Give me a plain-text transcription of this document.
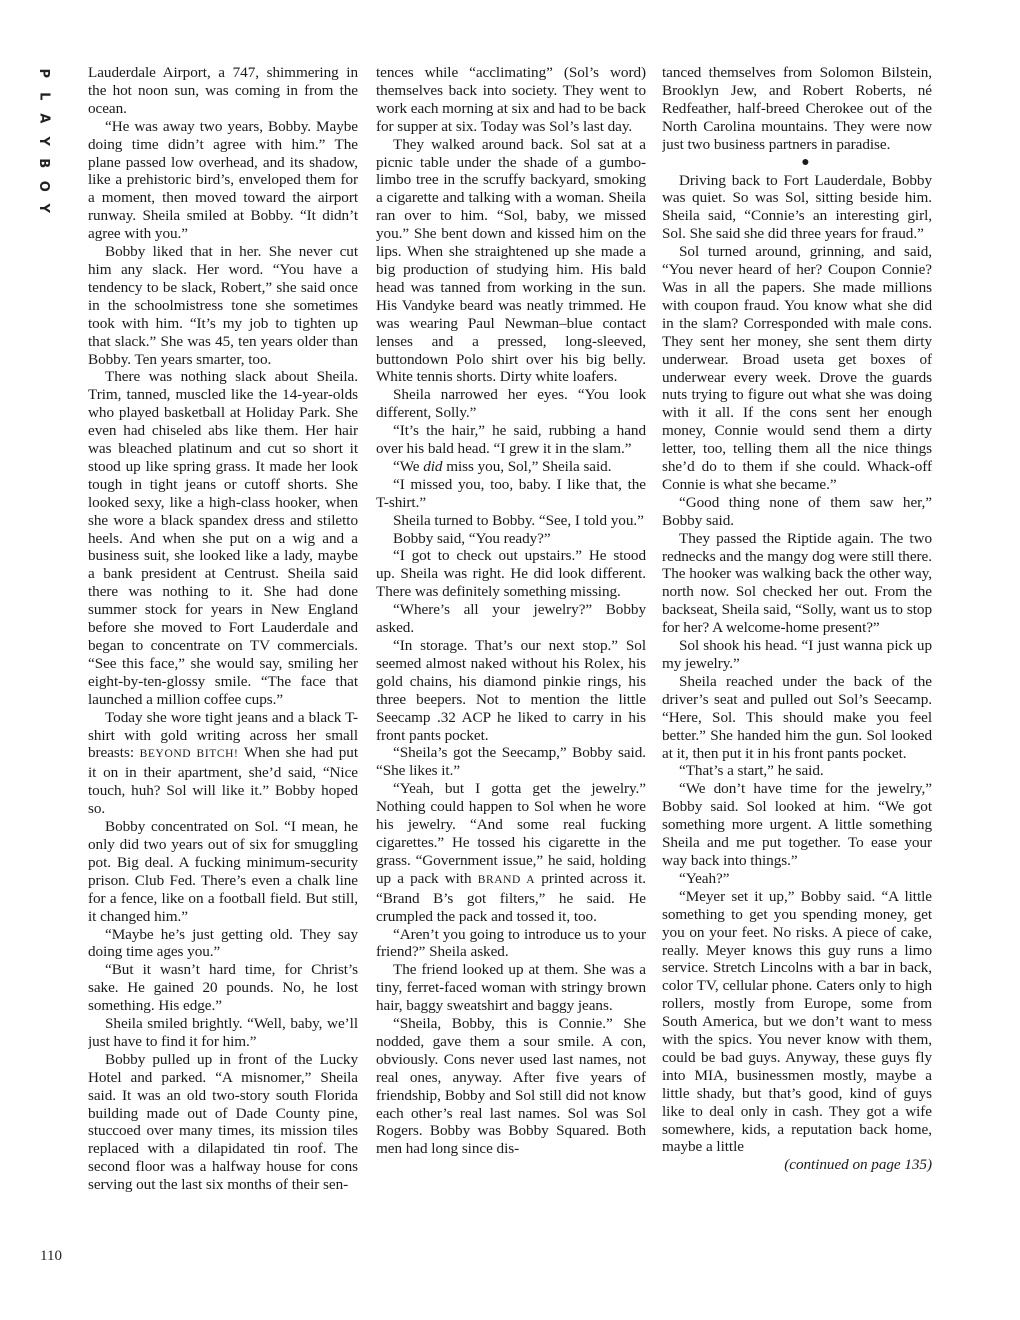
P
L
A
Y
B
O
Y

Lauderdale Airport, a 747, shimmering in the hot noon sun, was coming in from the ocean.

“He was away two years, Bobby. Maybe doing time didn’t agree with him.” The plane passed low overhead, and its shadow, like a prehistoric bird’s, enveloped them for a moment, then moved toward the airport runway. Sheila smiled at Bobby. “It didn’t agree with you.”

Bobby liked that in her. She never cut him any slack. Her word. “You have a tendency to be slack, Robert,” she said once in the schoolmistress tone she sometimes took with him. “It’s my job to tighten up that slack.” She was 45, ten years older than Bobby. Ten years smarter, too.

There was nothing slack about Sheila. Trim, tanned, muscled like the 14-year-olds who played basketball at Holiday Park. She even had chiseled abs like them. Her hair was bleached platinum and cut so short it stood up like spring grass. It made her look tough in tight jeans or cutoff shorts. She looked sexy, like a high-class hooker, when she wore a black spandex dress and stiletto heels. And when she put on a wig and a business suit, she looked like a lady, maybe a bank president at Centrust. Sheila said there was nothing to it. She had done summer stock for years in New England before she moved to Fort Lauderdale and began to concentrate on TV commercials. “See this face,” she would say, smiling her eight-by-ten-glossy smile. “The face that launched a million coffee cups.”

Today she wore tight jeans and a black T-shirt with gold writing across her small breasts: BEYOND BITCH! When she had put it on in their apartment, she’d said, “Nice touch, huh? Sol will like it.” Bobby hoped so.

Bobby concentrated on Sol. “I mean, he only did two years out of six for smuggling pot. Big deal. A fucking minimum-security prison. Club Fed. There’s even a chalk line for a fence, like on a football field. But still, it changed him.”

“Maybe he’s just getting old. They say doing time ages you.”

“But it wasn’t hard time, for Christ’s sake. He gained 20 pounds. No, he lost something. His edge.”

Sheila smiled brightly. “Well, baby, we’ll just have to find it for him.”

Bobby pulled up in front of the Lucky Hotel and parked. “A misnomer,” Sheila said. It was an old two-story south Florida building made out of Dade County pine, stuccoed over many times, its mission tiles replaced with a dilapidated tin roof. The second floor was a halfway house for cons serving out the last six months of their sen-

tences while “acclimating” (Sol’s word) themselves back into society. They went to work each morning at six and had to be back for supper at six. Today was Sol’s last day.

They walked around back. Sol sat at a picnic table under the shade of a gumbo-limbo tree in the scruffy backyard, smoking a cigarette and talking with a woman. Sheila ran over to him. “Sol, baby, we missed you.” She bent down and kissed him on the lips. When she straightened up she made a big production of studying him. His bald head was tanned from working in the sun. His Vandyke beard was neatly trimmed. He was wearing Paul Newman–blue contact lenses and a pressed, long-sleeved, buttondown Polo shirt over his big belly. White tennis shorts. Dirty white loafers.

Sheila narrowed her eyes. “You look different, Solly.”

“It’s the hair,” he said, rubbing a hand over his bald head. “I grew it in the slam.”

“We did miss you, Sol,” Sheila said.

“I missed you, too, baby. I like that, the T-shirt.”

Sheila turned to Bobby. “See, I told you.”

Bobby said, “You ready?”

“I got to check out upstairs.” He stood up. Sheila was right. He did look different. There was definitely something missing.

“Where’s all your jewelry?” Bobby asked.

“In storage. That’s our next stop.” Sol seemed almost naked without his Rolex, his gold chains, his diamond pinkie rings, his three beepers. Not to mention the little Seecamp .32 ACP he liked to carry in his front pants pocket.

“Sheila’s got the Seecamp,” Bobby said. “She likes it.”

“Yeah, but I gotta get the jewelry.” Nothing could happen to Sol when he wore his jewelry. “And some real fucking cigarettes.” He tossed his cigarette in the grass. “Government issue,” he said, holding up a pack with BRAND A printed across it. “Brand B’s got filters,” he said. He crumpled the pack and tossed it, too.

“Aren’t you going to introduce us to your friend?” Sheila asked.

The friend looked up at them. She was a tiny, ferret-faced woman with stringy brown hair, baggy sweatshirt and baggy jeans.

“Sheila, Bobby, this is Connie.” She nodded, gave them a sour smile. A con, obviously. Cons never used last names, not real ones, anyway. After five years of friendship, Bobby and Sol still did not know each other’s real last names. Sol was Sol Rogers. Bobby was Bobby Squared. Both men had long since dis-

tanced themselves from Solomon Bilstein, Brooklyn Jew, and Robert Roberts, né Redfeather, half-breed Cherokee out of the North Carolina mountains. They were now just two business partners in paradise.

●

Driving back to Fort Lauderdale, Bobby was quiet. So was Sol, sitting beside him. Sheila said, “Connie’s an interesting girl, Sol. She said she did three years for fraud.”

Sol turned around, grinning, and said, “You never heard of her? Coupon Connie? Was in all the papers. She made millions with coupon fraud. You know what she did in the slam? Corresponded with male cons. They sent her money, she sent them dirty underwear. Broad useta get boxes of underwear every week. Drove the guards nuts trying to figure out what she was doing with it all. If the cons sent her enough money, Connie would send them a dirty letter, too, telling them all the nice things she’d do to them if she could. Whack-off Connie is what she became.”

“Good thing none of them saw her,” Bobby said.

They passed the Riptide again. The two rednecks and the mangy dog were still there. The hooker was walking back the other way, north now. Sol checked her out. From the backseat, Sheila said, “Solly, want us to stop for her? A welcome-home present?”

Sol shook his head. “I just wanna pick up my jewelry.”

Sheila reached under the back of the driver’s seat and pulled out Sol’s Seecamp. “Here, Sol. This should make you feel better.” She handed him the gun. Sol looked at it, then put it in his front pants pocket.

“That’s a start,” he said.

“We don’t have time for the jewelry,” Bobby said. Sol looked at him. “We got something more urgent. A little something Sheila and me put together. To ease your way back into things.”

“Yeah?”

“Meyer set it up,” Bobby said. “A little something to get you spending money, get you on your feet. No risks. A piece of cake, really. Meyer knows this guy runs a limo service. Stretch Lincolns with a bar in back, color TV, cellular phone. Caters only to high rollers, mostly from Europe, some from South America, but we don’t want to mess with the spics. You never know with them, could be bad guys. Anyway, these guys fly into MIA, businessmen mostly, maybe a little shady, but that’s good, kind of guys like to deal only in cash. They got a wife somewhere, kids, a reputation back home, maybe a little

(continued on page 135)

110
